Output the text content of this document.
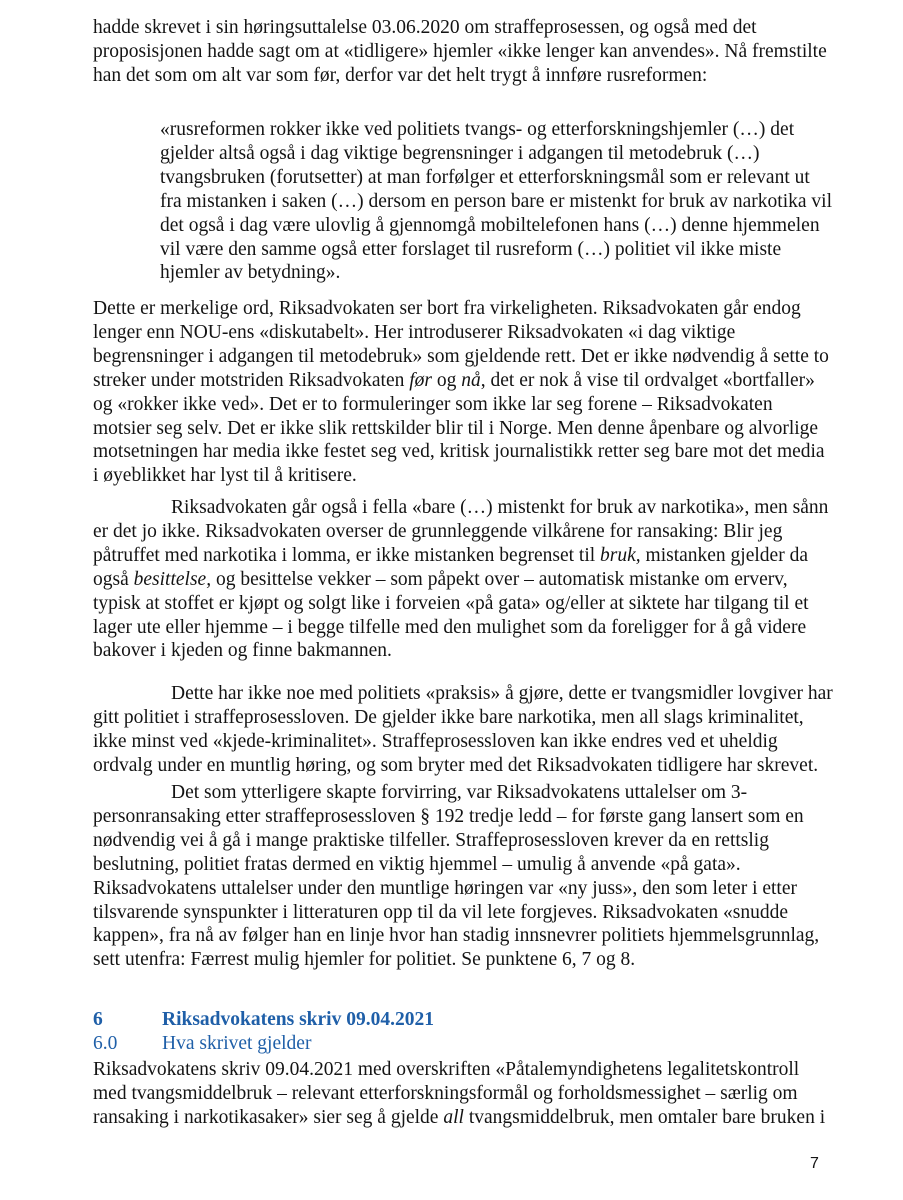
hadde skrevet i sin høringsuttalelse 03.06.2020 om straffeprosessen, og også med det proposisjonen hadde sagt om at «tidligere» hjemler «ikke lenger kan anvendes». Nå fremstilte han det som om alt var som før, derfor var det helt trygt å innføre rusreformen:

«rusreformen rokker ikke ved politiets tvangs- og etterforskningshjemler (…) det gjelder altså også i dag viktige begrensninger i adgangen til metodebruk (…) tvangsbruken (forutsetter) at man forfølger et etterforskningsmål som er relevant ut fra mistanken i saken (…) dersom en person bare er mistenkt for bruk av narkotika vil det også i dag være ulovlig å gjennomgå mobiltelefonen hans (…) denne hjemmelen vil være den samme også etter forslaget til rusreform (…) politiet vil ikke miste hjemler av betydning».

Dette er merkelige ord, Riksadvokaten ser bort fra virkeligheten. Riksadvokaten går endog lenger enn NOU-ens «diskutabelt». Her introduserer Riksadvokaten «i dag viktige begrensninger i adgangen til metodebruk» som gjeldende rett. Det er ikke nødvendig å sette to streker under motstriden Riksadvokaten før og nå, det er nok å vise til ordvalget «bortfaller» og «rokker ikke ved». Det er to formuleringer som ikke lar seg forene – Riksadvokaten motsier seg selv. Det er ikke slik rettskilder blir til i Norge. Men denne åpenbare og alvorlige motsetningen har media ikke festet seg ved, kritisk journalistikk retter seg bare mot det media i øyeblikket har lyst til å kritisere.

Riksadvokaten går også i fella «bare (…) mistenkt for bruk av narkotika», men sånn er det jo ikke. Riksadvokaten overser de grunnleggende vilkårene for ransaking: Blir jeg påtruffet med narkotika i lomma, er ikke mistanken begrenset til bruk, mistanken gjelder da også besittelse, og besittelse vekker – som påpekt over – automatisk mistanke om erverv, typisk at stoffet er kjøpt og solgt like i forveien «på gata» og/eller at siktete har tilgang til et lager ute eller hjemme – i begge tilfelle med den mulighet som da foreligger for å gå videre bakover i kjeden og finne bakmannen.

Dette har ikke noe med politiets «praksis» å gjøre, dette er tvangsmidler lovgiver har gitt politiet i straffeprosessloven. De gjelder ikke bare narkotika, men all slags kriminalitet, ikke minst ved «kjede-kriminalitet». Straffeprosessloven kan ikke endres ved et uheldig ordvalg under en muntlig høring, og som bryter med det Riksadvokaten tidligere har skrevet.

Det som ytterligere skapte forvirring, var Riksadvokatens uttalelser om 3-personransaking etter straffeprosessloven § 192 tredje ledd – for første gang lansert som en nødvendig vei å gå i mange praktiske tilfeller. Straffeprosessloven krever da en rettslig beslutning, politiet fratas dermed en viktig hjemmel – umulig å anvende «på gata». Riksadvokatens uttalelser under den muntlige høringen var «ny juss», den som leter i etter tilsvarende synspunkter i litteraturen opp til da vil lete forgjeves. Riksadvokaten «snudde kappen», fra nå av følger han en linje hvor han stadig innsnevrer politiets hjemmelsgrunnlag, sett utenfra: Færrest mulig hjemler for politiet. Se punktene 6, 7 og 8.

6	Riksadvokatens skriv 09.04.2021
6.0 Hva skrivet gjelder

Riksadvokatens skriv 09.04.2021 med overskriften «Påtalemyndighetens legalitetskontroll med tvangsmiddelbruk – relevant etterforskningsformål og forholdsmessighet – særlig om ransaking i narkotikasaker» sier seg å gjelde all tvangsmiddelbruk, men omtaler bare bruken i

7
